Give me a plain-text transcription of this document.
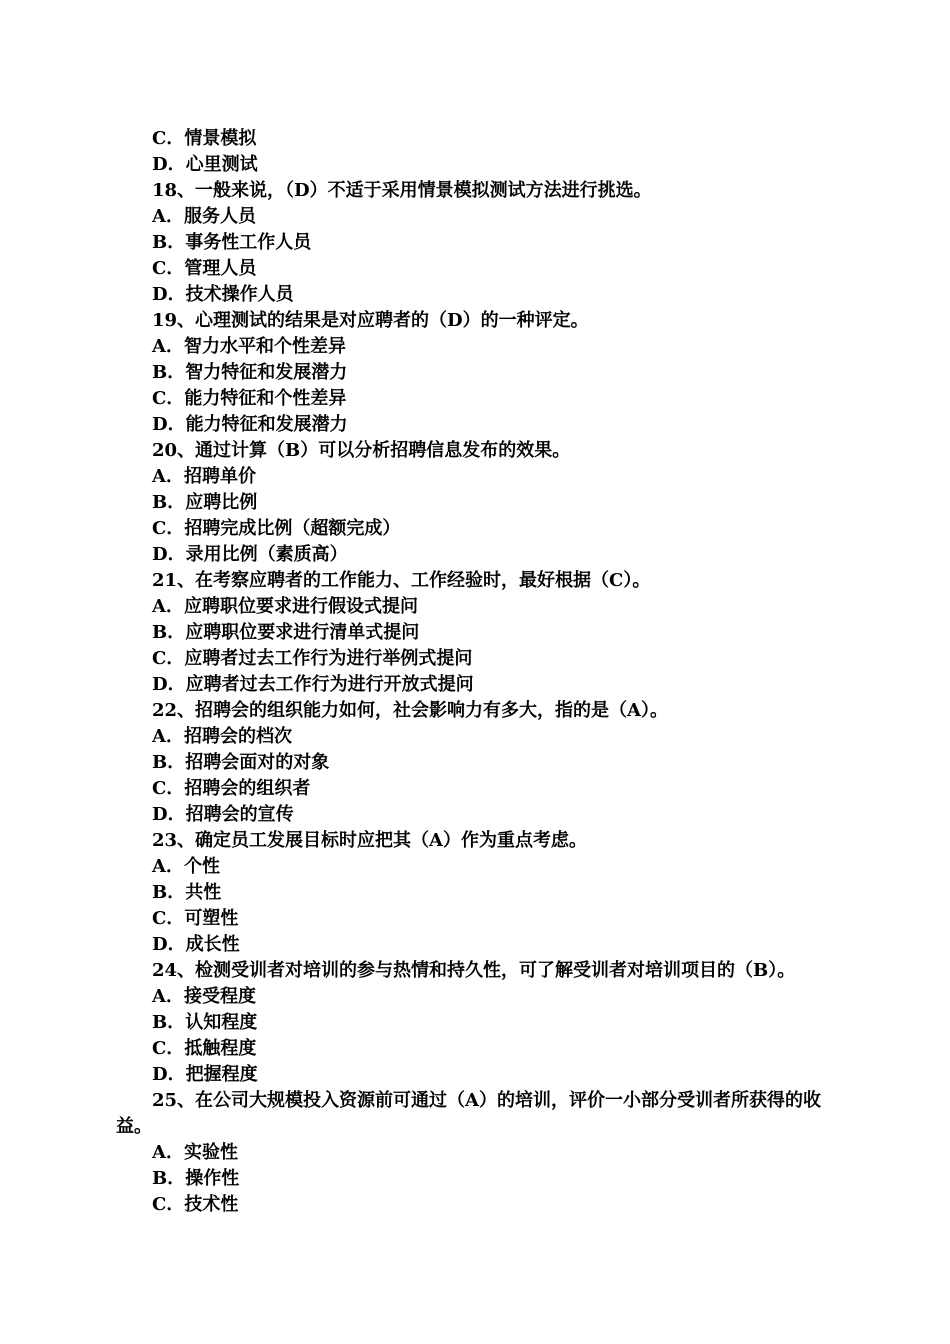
C．情景模拟
D．心里测试
18、一般来说，（D）不适于采用情景模拟测试方法进行挑选。
A．服务人员
B．事务性工作人员
C．管理人员
D．技术操作人员
19、心理测试的结果是对应聘者的（D）的一种评定。
A．智力水平和个性差异
B．智力特征和发展潜力
C．能力特征和个性差异
D．能力特征和发展潜力
20、通过计算（B）可以分析招聘信息发布的效果。
A．招聘单价
B．应聘比例
C．招聘完成比例（超额完成）
D．录用比例（素质高）
21、在考察应聘者的工作能力、工作经验时，最好根据（C）。
A．应聘职位要求进行假设式提问
B．应聘职位要求进行清单式提问
C．应聘者过去工作行为进行举例式提问
D．应聘者过去工作行为进行开放式提问
22、招聘会的组织能力如何，社会影响力有多大，指的是（A）。
A．招聘会的档次
B．招聘会面对的对象
C．招聘会的组织者
D．招聘会的宣传
23、确定员工发展目标时应把其（A）作为重点考虑。
A．个性
B．共性
C．可塑性
D．成长性
24、检测受训者对培训的参与热情和持久性，可了解受训者对培训项目的（B）。
A．接受程度
B．认知程度
C．抵触程度
D．把握程度
25、在公司大规模投入资源前可通过（A）的培训，评价一小部分受训者所获得的收益。
A．实验性
B．操作性
C．技术性
